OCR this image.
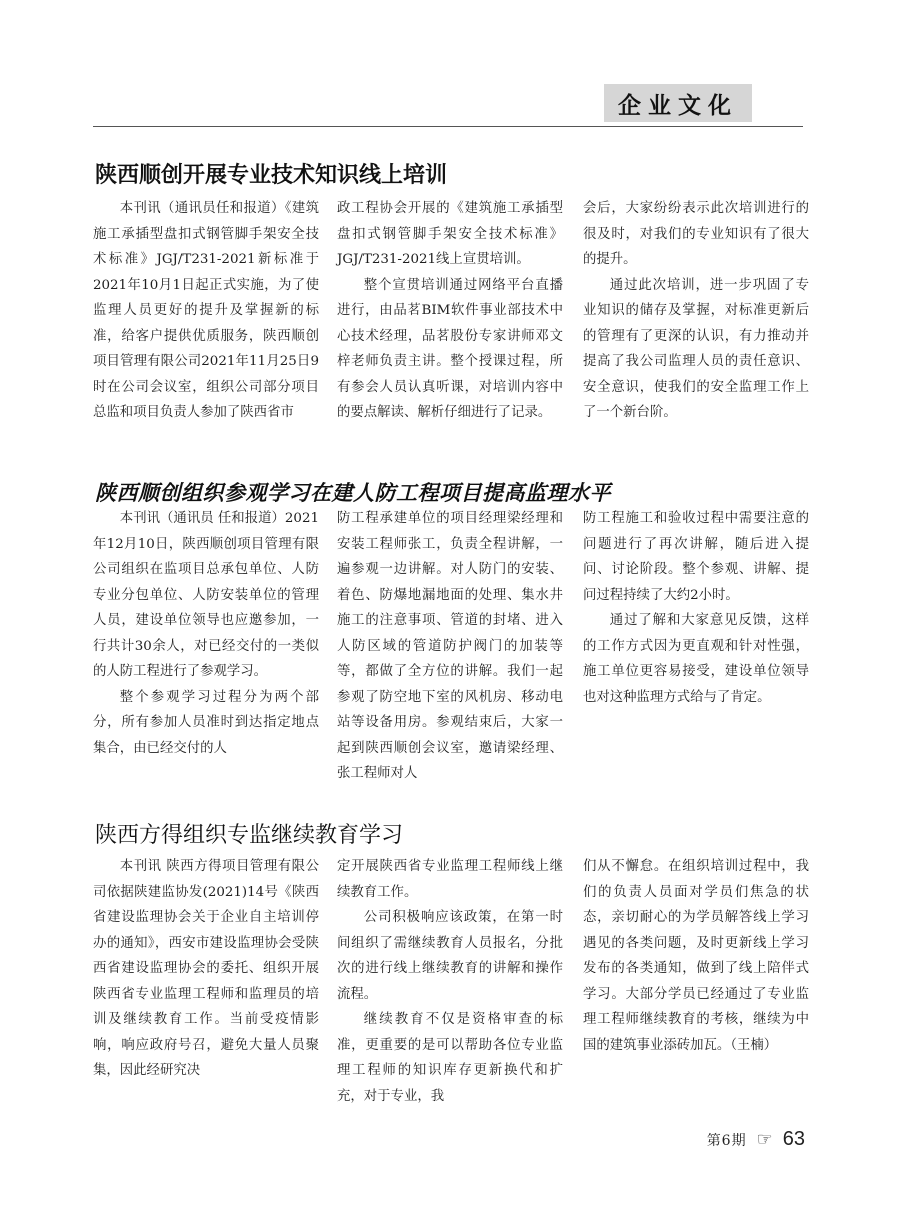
企业文化
陕西顺创开展专业技术知识线上培训

本刊讯（通讯员任和报道）《建筑施工承插型盘扣式钢管脚手架安全技术标准》JGJ/T231-2021新标准于2021年10月1日起正式实施，为了使监理人员更好的提升及掌握新的标准，给客户提供优质服务，陕西顺创项目管理有限公司2021年11月25日9时在公司会议室，组织公司部分项目总监和项目负责人参加了陕西省市

政工程协会开展的《建筑施工承插型盘扣式钢管脚手架安全技术标准》JGJ/T231-2021线上宣贯培训。

整个宣贯培训通过网络平台直播进行，由品茗BIM软件事业部技术中心技术经理，品茗股份专家讲师邓文梓老师负责主讲。整个授课过程，所有参会人员认真听课，对培训内容中的要点解读、解析仔细进行了记录。

会后，大家纷纷表示此次培训进行的很及时，对我们的专业知识有了很大的提升。

通过此次培训，进一步巩固了专业知识的储存及掌握，对标准更新后的管理有了更深的认识，有力推动并提高了我公司监理人员的责任意识、安全意识，使我们的安全监理工作上了一个新台阶。

陕西顺创组织参观学习在建人防工程项目提高监理水平

本刊讯（通讯员 任和报道）2021年12月10日，陕西顺创项目管理有限公司组织在监项目总承包单位、人防专业分包单位、人防安装单位的管理人员，建设单位领导也应邀参加，一行共计30余人，对已经交付的一类似的人防工程进行了参观学习。

整个参观学习过程分为两个部分，所有参加人员准时到达指定地点集合，由已经交付的人

防工程承建单位的项目经理梁经理和安装工程师张工，负责全程讲解，一遍参观一边讲解。对人防门的安装、着色、防爆地漏地面的处理、集水井施工的注意事项、管道的封堵、进入人防区域的管道防护阀门的加装等等，都做了全方位的讲解。我们一起参观了防空地下室的风机房、移动电站等设备用房。参观结束后，大家一起到陕西顺创会议室，邀请梁经理、张工程师对人

防工程施工和验收过程中需要注意的问题进行了再次讲解，随后进入提问、讨论阶段。整个参观、讲解、提问过程持续了大约2小时。

通过了解和大家意见反馈，这样的工作方式因为更直观和针对性强，施工单位更容易接受，建设单位领导也对这种监理方式给与了肯定。

陕西方得组织专监继续教育学习

本刊讯 陕西方得项目管理有限公司依据陕建监协发(2021)14号《陕西省建设监理协会关于企业自主培训停办的通知》，西安市建设监理协会受陕西省建设监理协会的委托、组织开展陕西省专业监理工程师和监理员的培训及继续教育工作。当前受疫情影响，响应政府号召，避免大量人员聚集，因此经研究决

定开展陕西省专业监理工程师线上继续教育工作。

公司积极响应该政策，在第一时间组织了需继续教育人员报名，分批次的进行线上继续教育的讲解和操作流程。

继续教育不仅是资格审查的标准，更重要的是可以帮助各位专业监理工程师的知识库存更新换代和扩充，对于专业，我

们从不懈怠。在组织培训过程中，我们的负责人员面对学员们焦急的状态，亲切耐心的为学员解答线上学习遇见的各类问题，及时更新线上学习发布的各类通知，做到了线上陪伴式学习。大部分学员已经通过了专业监理工程师继续教育的考核，继续为中国的建筑事业添砖加瓦。（王楠）

第6期 ☞ 63
